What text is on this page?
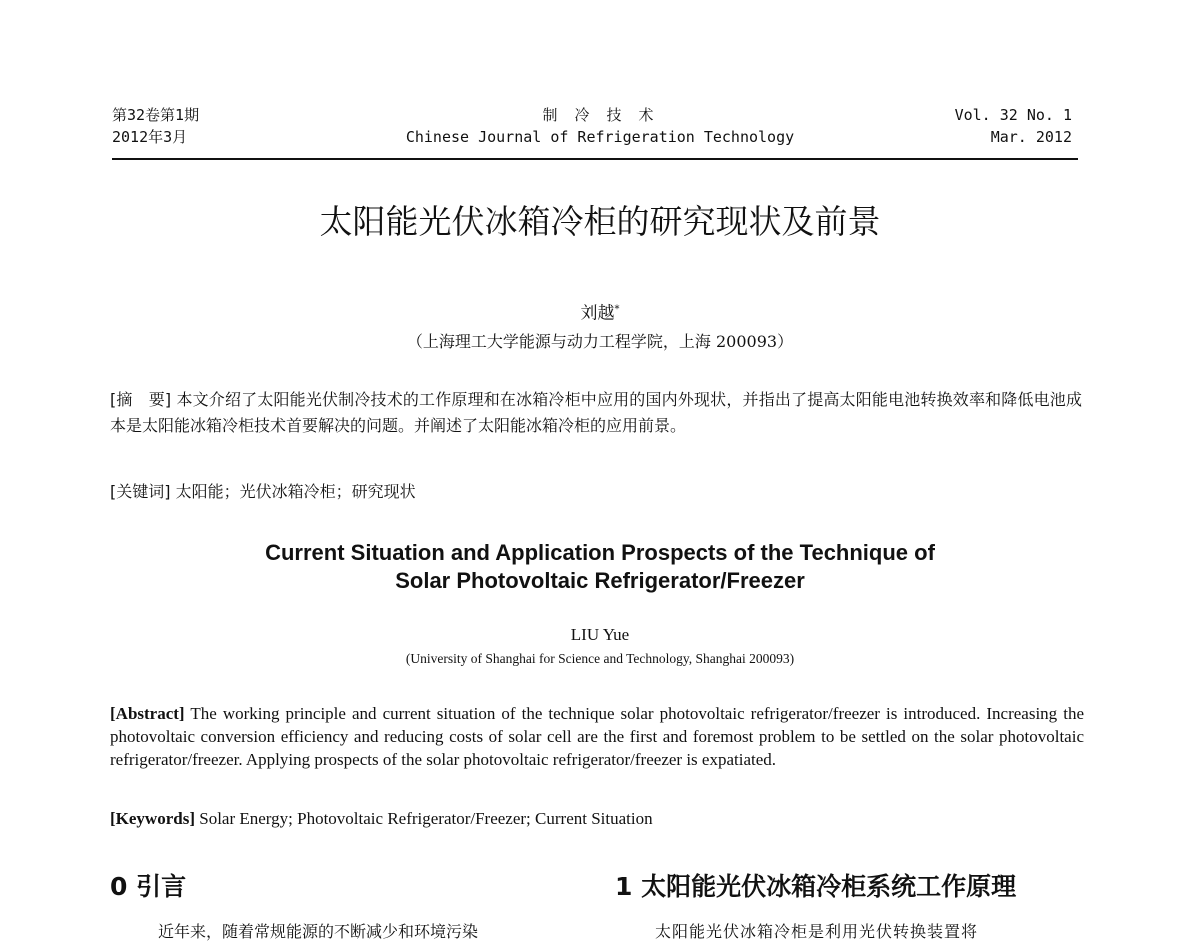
第32卷第1期
2012年3月
制 冷 技 术
Chinese Journal of Refrigeration Technology
Vol. 32 No. 1
Mar. 2012
太阳能光伏冰箱冷柜的研究现状及前景
刘越*
（上海理工大学能源与动力工程学院，上海 200093）
[摘　要] 本文介绍了太阳能光伏制冷技术的工作原理和在冰箱冷柜中应用的国内外现状，并指出了提高太阳能电池转换效率和降低电池成本是太阳能冰箱冷柜技术首要解决的问题。并阐述了太阳能冰箱冷柜的应用前景。
[关键词] 太阳能；光伏冰箱冷柜；研究现状
Current Situation and Application Prospects of the Technique of
Solar Photovoltaic Refrigerator/Freezer
LIU Yue
(University of Shanghai for Science and Technology, Shanghai 200093)
[Abstract] The working principle and current situation of the technique solar photovoltaic refrigerator/freezer is introduced. Increasing the photovoltaic conversion efficiency and reducing costs of solar cell are the first and foremost problem to be settled on the solar photovoltaic refrigerator/freezer. Applying prospects of the solar photovoltaic refrigerator/freezer is expatiated.
[Keywords] Solar Energy; Photovoltaic Refrigerator/Freezer; Current Situation
0 引言	1 太阳能光伏冰箱冷柜系统工作原理
近年来，随着常规能源的不断减少和环境污染	太阳能光伏冰箱冷柜是利用光伏转换装置将
